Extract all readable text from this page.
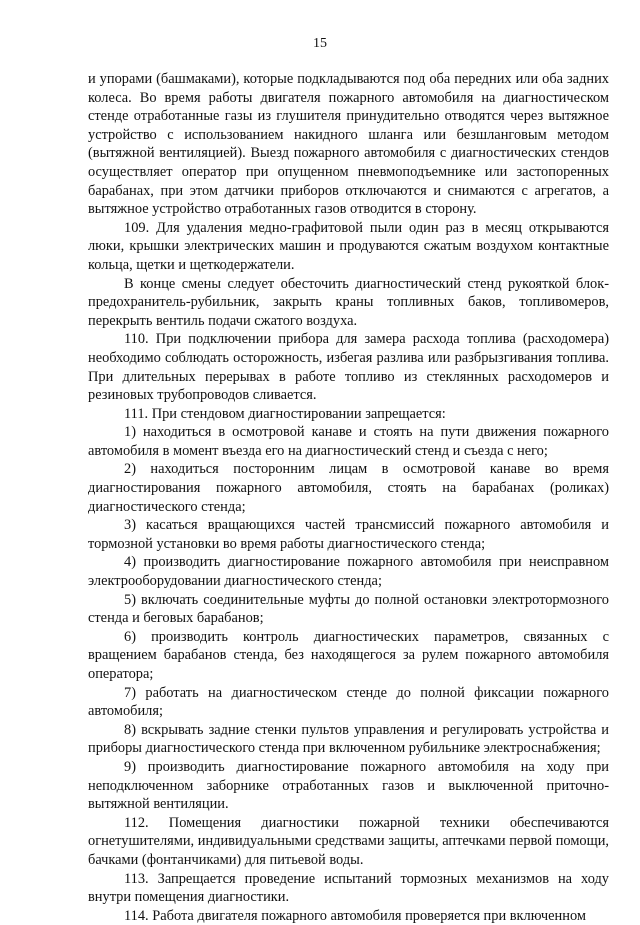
15

и упорами (башмаками), которые подкладываются под оба передних или оба задних колеса. Во время работы двигателя пожарного автомобиля на диагностическом стенде отработанные газы из глушителя принудительно отводятся через вытяжное устройство с использованием накидного шланга или безшланговым методом (вытяжной вентиляцией). Выезд пожарного автомобиля с диагностических стендов осуществляет оператор при опущенном пневмоподъемнике или застопоренных барабанах, при этом датчики приборов отключаются и снимаются с агрегатов, а вытяжное устройство отработанных газов отводится в сторону.

109. Для удаления медно-графитовой пыли один раз в месяц открываются люки, крышки электрических машин и продуваются сжатым воздухом контактные кольца, щетки и щеткодержатели.

В конце смены следует обесточить диагностический стенд рукояткой блок-предохранитель-рубильник, закрыть краны топливных баков, топливомеров, перекрыть вентиль подачи сжатого воздуха.

110. При подключении прибора для замера расхода топлива (расходомера) необходимо соблюдать осторожность, избегая разлива или разбрызгивания топлива. При длительных перерывах в работе топливо из стеклянных расходомеров и резиновых трубопроводов сливается.

111. При стендовом диагностировании запрещается:

1) находиться в осмотровой канаве и стоять на пути движения пожарного автомобиля в момент въезда его на диагностический стенд и съезда с него;

2) находиться посторонним лицам в осмотровой канаве во время диагностирования пожарного автомобиля, стоять на барабанах (роликах) диагностического стенда;

3) касаться вращающихся частей трансмиссий пожарного автомобиля и тормозной установки во время работы диагностического стенда;

4) производить диагностирование пожарного автомобиля при неисправном электрооборудовании диагностического стенда;

5) включать соединительные муфты до полной остановки электротормозного стенда и беговых барабанов;

6) производить контроль диагностических параметров, связанных с вращением барабанов стенда, без находящегося за рулем пожарного автомобиля оператора;

7) работать на диагностическом стенде до полной фиксации пожарного автомобиля;

8) вскрывать задние стенки пультов управления и регулировать устройства и приборы диагностического стенда при включенном рубильнике электроснабжения;

9) производить диагностирование пожарного автомобиля на ходу при неподключенном заборнике отработанных газов и выключенной приточно-вытяжной вентиляции.

112. Помещения диагностики пожарной техники обеспечиваются огнетушителями, индивидуальными средствами защиты, аптечками первой помощи, бачками (фонтанчиками) для питьевой воды.

113. Запрещается проведение испытаний тормозных механизмов на ходу внутри помещения диагностики.

114. Работа двигателя пожарного автомобиля проверяется при включенном
